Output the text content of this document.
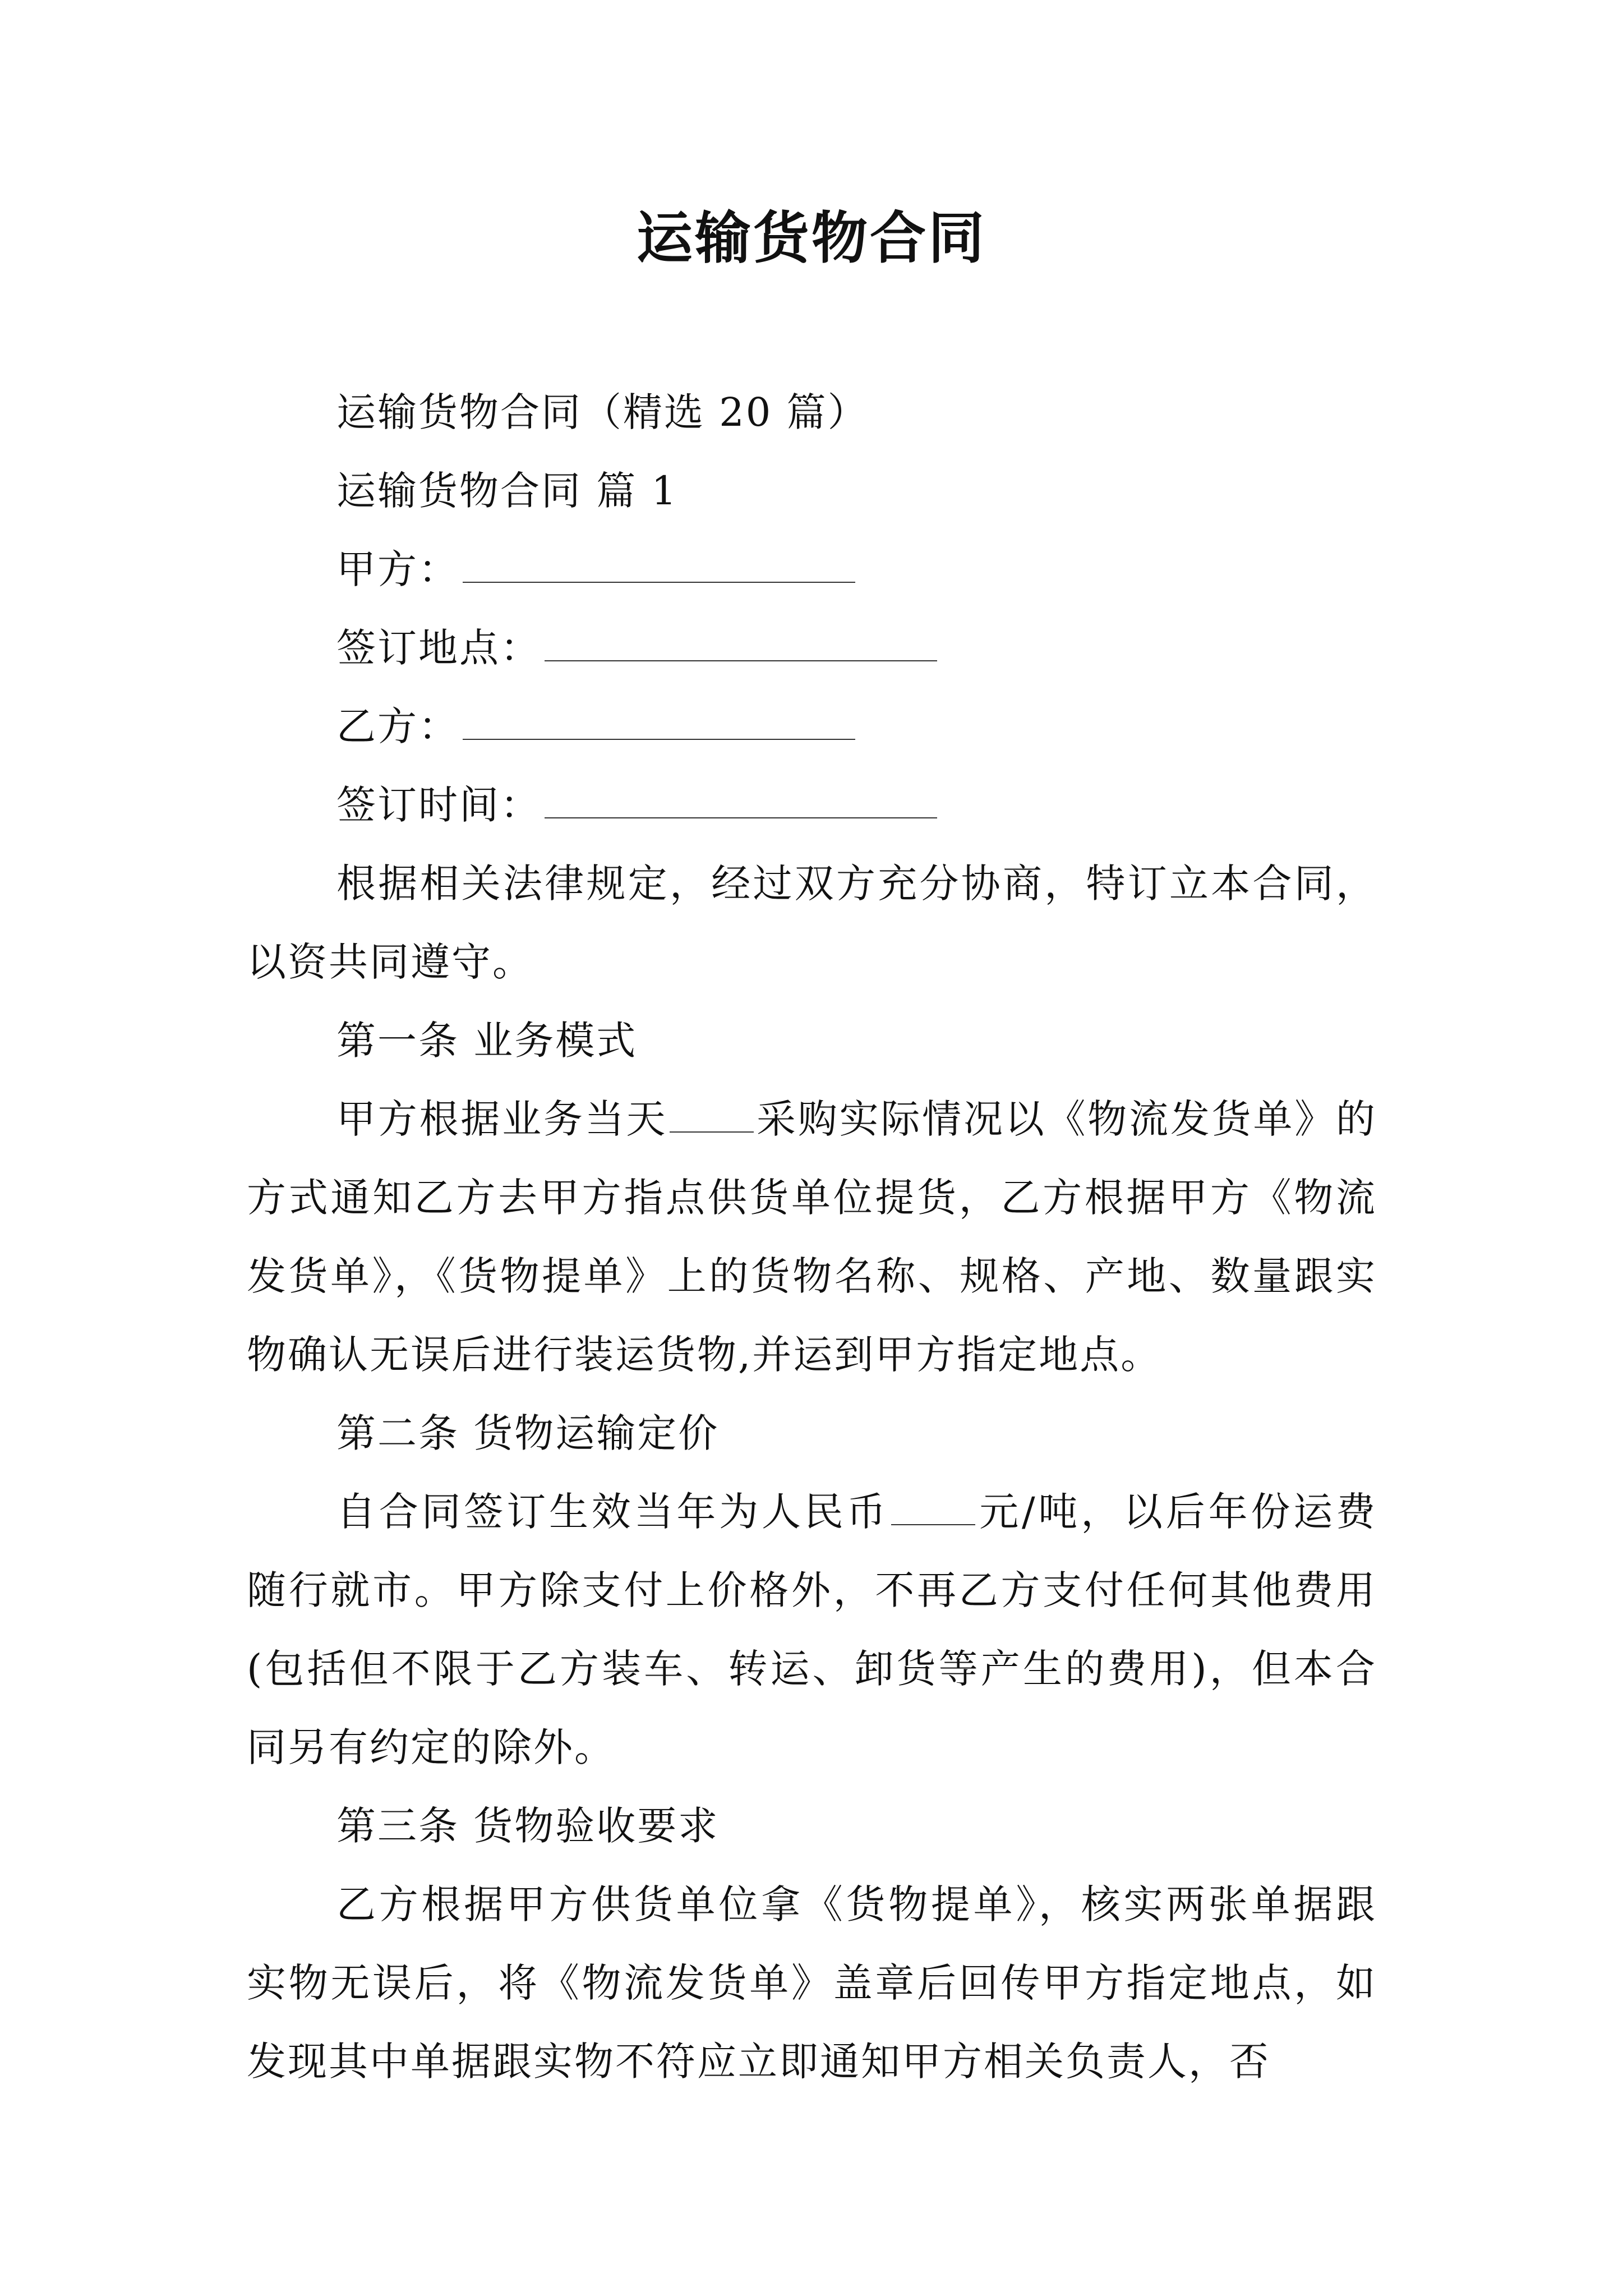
运输货物合同

运输货物合同（精选 20 篇）

运输货物合同 篇 1

甲方：

签订地点：

乙方：

签订时间：

根据相关法律规定，经过双方充分协商，特订立本合同，以资共同遵守。

第一条 业务模式

甲方根据业务当天 采购实际情况以《物流发货单》的方式通知乙方去甲方指点供货单位提货，乙方根据甲方《物流发货单》，《货物提单》上的货物名称、规格、产地、数量跟实物确认无误后进行装运货物,并运到甲方指定地点。

第二条 货物运输定价

自合同签订生效当年为人民币 元/吨，以后年份运费随行就市。甲方除支付上价格外，不再乙方支付任何其他费用(包括但不限于乙方装车、转运、卸货等产生的费用)，但本合同另有约定的除外。

第三条 货物验收要求

乙方根据甲方供货单位拿《货物提单》，核实两张单据跟实物无误后，将《物流发货单》盖章后回传甲方指定地点，如发现其中单据跟实物不符应立即通知甲方相关负责人，否
